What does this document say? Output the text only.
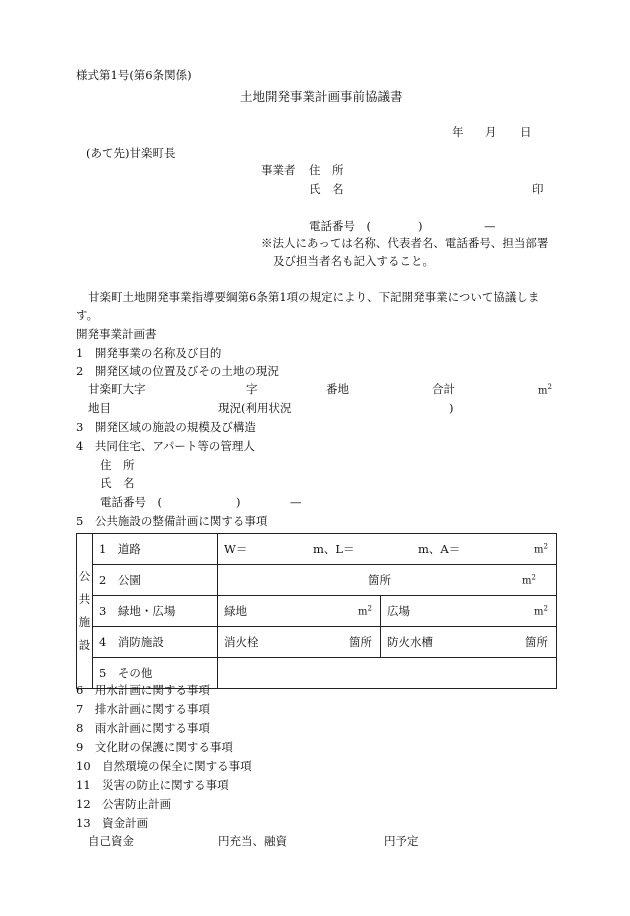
様式第1号(第6条関係)
土地開発事業計画事前協議書
年 月 日
(あて先)甘楽町長
事業者 住　所
氏　名	印
電話番号　(	)	—
※法人にあっては名称、代表者名、電話番号、担当部署
及び担当者名も記入すること。
甘楽町土地開発事業指導要綱第6条第1項の規定により、下記開発事業について協議しま
す。
開発事業計画書
1　開発事業の名称及び目的
2　開発区域の位置及びその土地の現況
甘楽町大字	字	番地	合計	$m^2$
地目	現況(利用状況	)
3　開発区域の施設の規模及び構造
4　共同住宅、アパート等の管理人
住　所
氏　名
電話番号　(	)	—
5　公共施設の整備計画に関する事項
公
共
施
設	1　道路	W＝ m、L＝ m、$A= m^2$

	2　公園	箇所 $m^2$

	3　緑地・広場	緑地 $m^2$	広場 $m^2$

	4　消防施設	消火栓 箇所	防火水槽 箇所

	5　その他		
6　用水計画に関する事項
7　排水計画に関する事項
8　雨水計画に関する事項
9　文化財の保護に関する事項
10　自然環境の保全に関する事項
11　災害の防止に関する事項
12　公害防止計画
13　資金計画
自己資金	円充当、融資	円予定
